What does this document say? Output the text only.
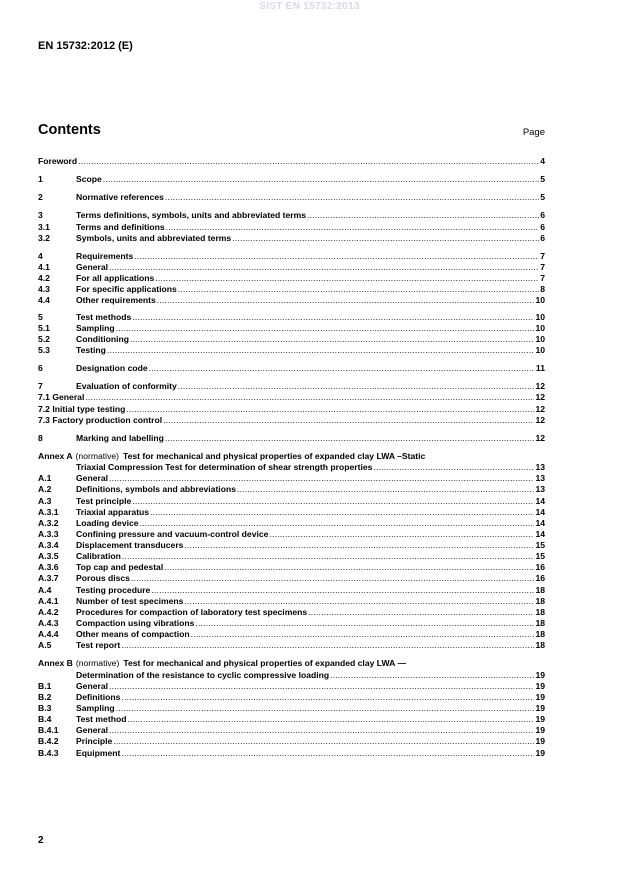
SIST EN 15732:2013
EN 15732:2012 (E)
Contents	Page
Foreword .....	4
1	Scope .....	5
2	Normative references .....	5
3	Terms definitions, symbols, units and abbreviated terms .....	6
3.1	Terms and definitions .....	6
3.2	Symbols, units and abbreviated terms .....	6
4	Requirements .....	7
4.1	General .....	7
4.2	For all applications .....	7
4.3	For specific applications .....	8
4.4	Other requirements .....	10
5	Test methods .....	10
5.1	Sampling .....	10
5.2	Conditioning .....	10
5.3	Testing .....	10
6	Designation code .....	11
7	Evaluation of conformity .....	12
7.1 General .....	12
7.2 Initial type testing .....	12
7.3 Factory production control .....	12
8	Marking and labelling .....	12
Annex A (normative) Test for mechanical and physical properties of expanded clay LWA –Static
Triaxial Compression Test for determination of shear strength properties .....	13
A.1	General .....	13
A.2	Definitions, symbols and abbreviations .....	13
A.3	Test principle .....	14
A.3.1	Triaxial apparatus .....	14
A.3.2	Loading device .....	14
A.3.3	Confining pressure and vacuum-control device .....	14
A.3.4	Displacement transducers .....	15
A.3.5	Calibration .....	15
A.3.6	Top cap and pedestal .....	16
A.3.7	Porous discs .....	16
A.4	Testing procedure .....	18
A.4.1	Number of test specimens .....	18
A.4.2	Procedures for compaction of laboratory test specimens .....	18
A.4.3	Compaction using vibrations .....	18
A.4.4	Other means of compaction .....	18
A.5	Test report .....	18
Annex B (normative) Test for mechanical and physical properties of expanded clay LWA —
Determination of the resistance to cyclic compressive loading .....	19
B.1	General .....	19
B.2	Definitions .....	19
B.3	Sampling .....	19
B.4	Test method .....	19
B.4.1	General .....	19
B.4.2	Principle .....	19
B.4.3	Equipment .....	19
2
